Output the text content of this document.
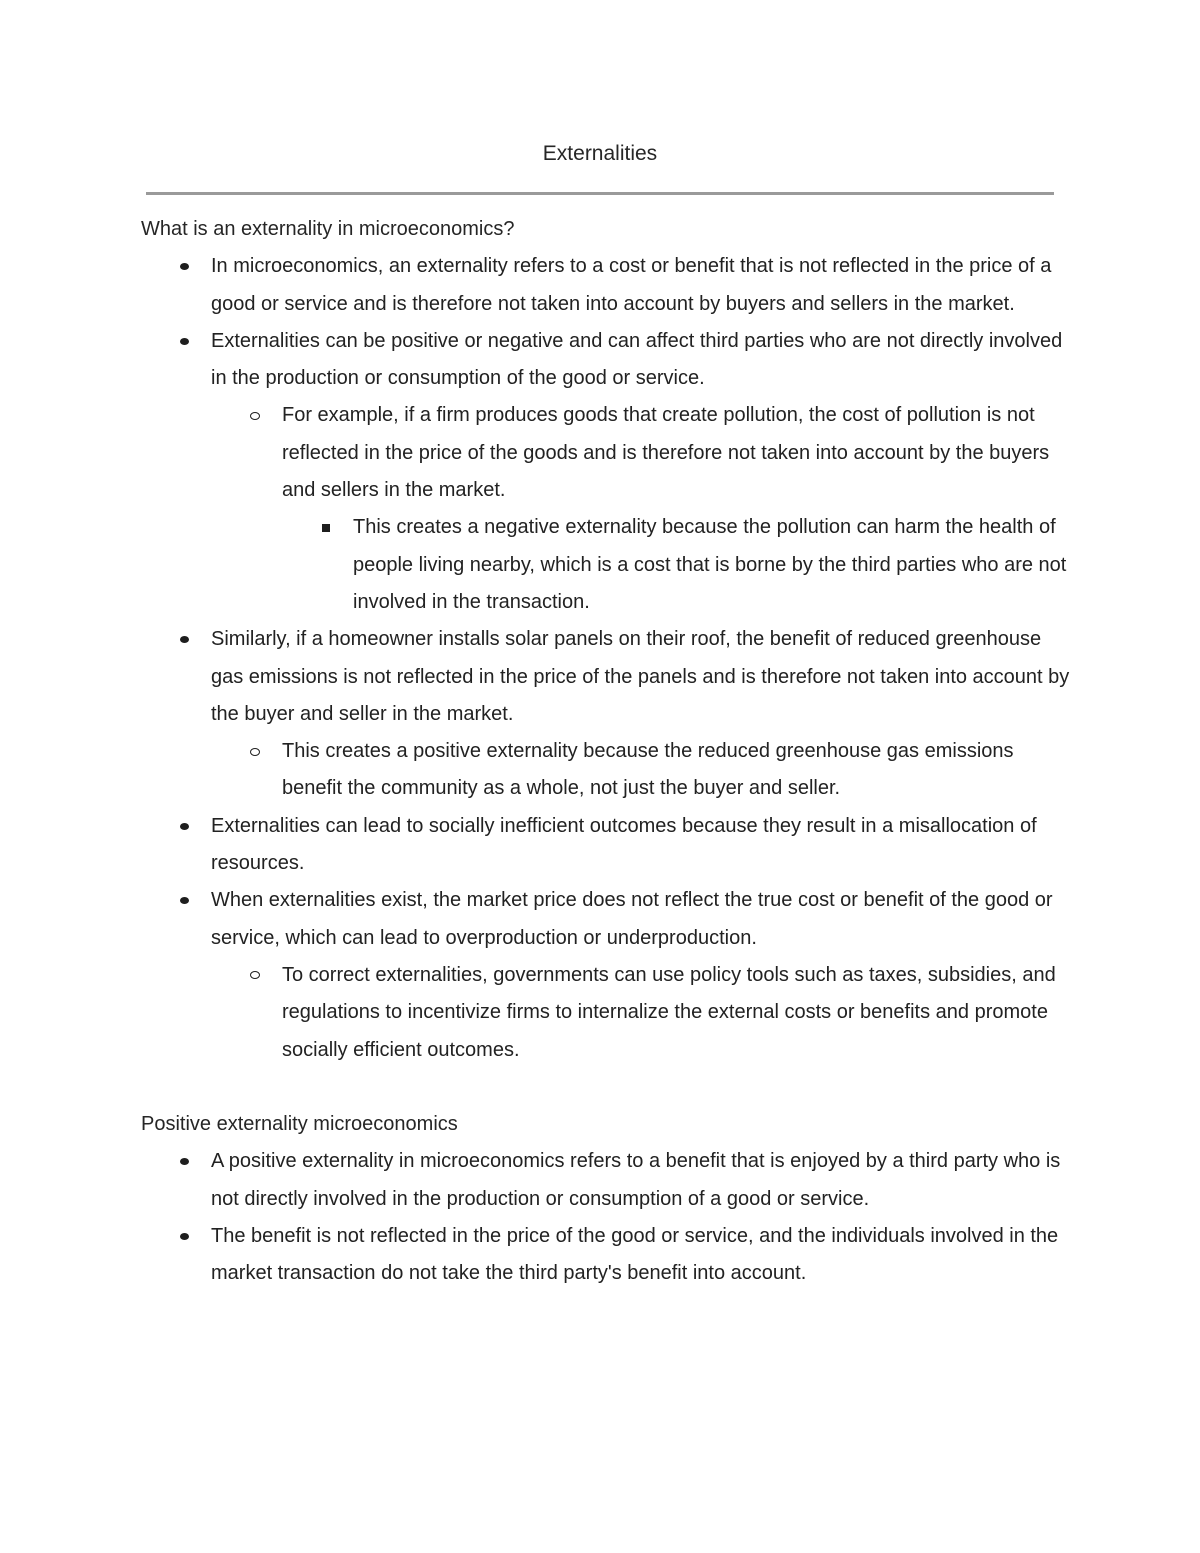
Externalities

What is an externality in microeconomics?

In microeconomics, an externality refers to a cost or benefit that is not reflected in the price of a good or service and is therefore not taken into account by buyers and sellers in the market.
Externalities can be positive or negative and can affect third parties who are not directly involved in the production or consumption of the good or service.
For example, if a firm produces goods that create pollution, the cost of pollution is not reflected in the price of the goods and is therefore not taken into account by the buyers and sellers in the market.
This creates a negative externality because the pollution can harm the health of people living nearby, which is a cost that is borne by the third parties who are not involved in the transaction.
Similarly, if a homeowner installs solar panels on their roof, the benefit of reduced greenhouse gas emissions is not reflected in the price of the panels and is therefore not taken into account by the buyer and seller in the market.
This creates a positive externality because the reduced greenhouse gas emissions benefit the community as a whole, not just the buyer and seller.
Externalities can lead to socially inefficient outcomes because they result in a misallocation of resources.
When externalities exist, the market price does not reflect the true cost or benefit of the good or service, which can lead to overproduction or underproduction.
To correct externalities, governments can use policy tools such as taxes, subsidies, and regulations to incentivize firms to internalize the external costs or benefits and promote socially efficient outcomes.

Positive externality microeconomics

A positive externality in microeconomics refers to a benefit that is enjoyed by a third party who is not directly involved in the production or consumption of a good or service.
The benefit is not reflected in the price of the good or service, and the individuals involved in the market transaction do not take the third party's benefit into account.
